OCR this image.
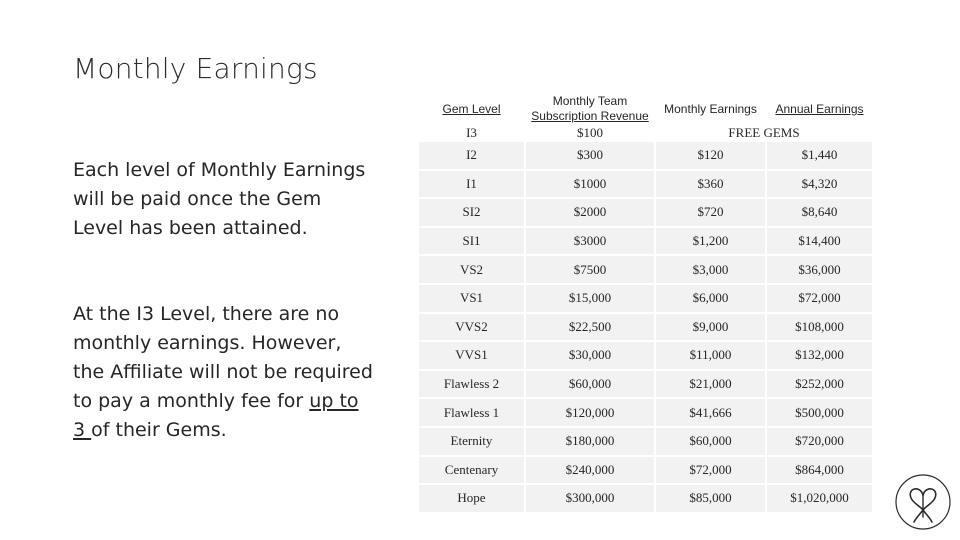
Monthly Earnings
Each level of Monthly Earnings will be paid once the Gem Level has been attained.
At the I3 Level, there are no monthly earnings. However, the Affiliate will not be required to pay a monthly fee for up to 3 of their Gems.
Gem Level	Monthly Team
Subscription Revenue	Monthly Earnings	Annual Earnings
I3	$100	FREE GEMS	
I2	$300	$120	$1,440
I1	$1000	$360	$4,320
SI2	$2000	$720	$8,640
SI1	$3000	$1,200	$14,400
VS2	$7500	$3,000	$36,000
VS1	$15,000	$6,000	$72,000
VVS2	$22,500	$9,000	$108,000
VVS1	$30,000	$11,000	$132,000
Flawless 2	$60,000	$21,000	$252,000
Flawless 1	$120,000	$41,666	$500,000
Eternity	$180,000	$60,000	$720,000
Centenary	$240,000	$72,000	$864,000
Hope	$300,000	$85,000	$1,020,000
